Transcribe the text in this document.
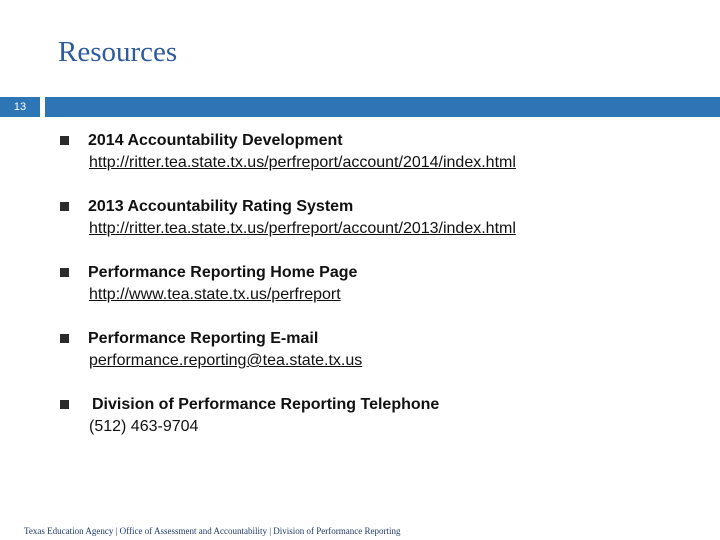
Resources
13
2014 Accountability Development
http://ritter.tea.state.tx.us/perfreport/account/2014/index.html
2013 Accountability Rating System
http://ritter.tea.state.tx.us/perfreport/account/2013/index.html
Performance Reporting Home Page
http://www.tea.state.tx.us/perfreport
Performance Reporting E-mail
performance.reporting@tea.state.tx.us
Division of Performance Reporting Telephone
(512) 463-9704
Texas Education Agency | Office of Assessment and Accountability | Division of Performance Reporting
